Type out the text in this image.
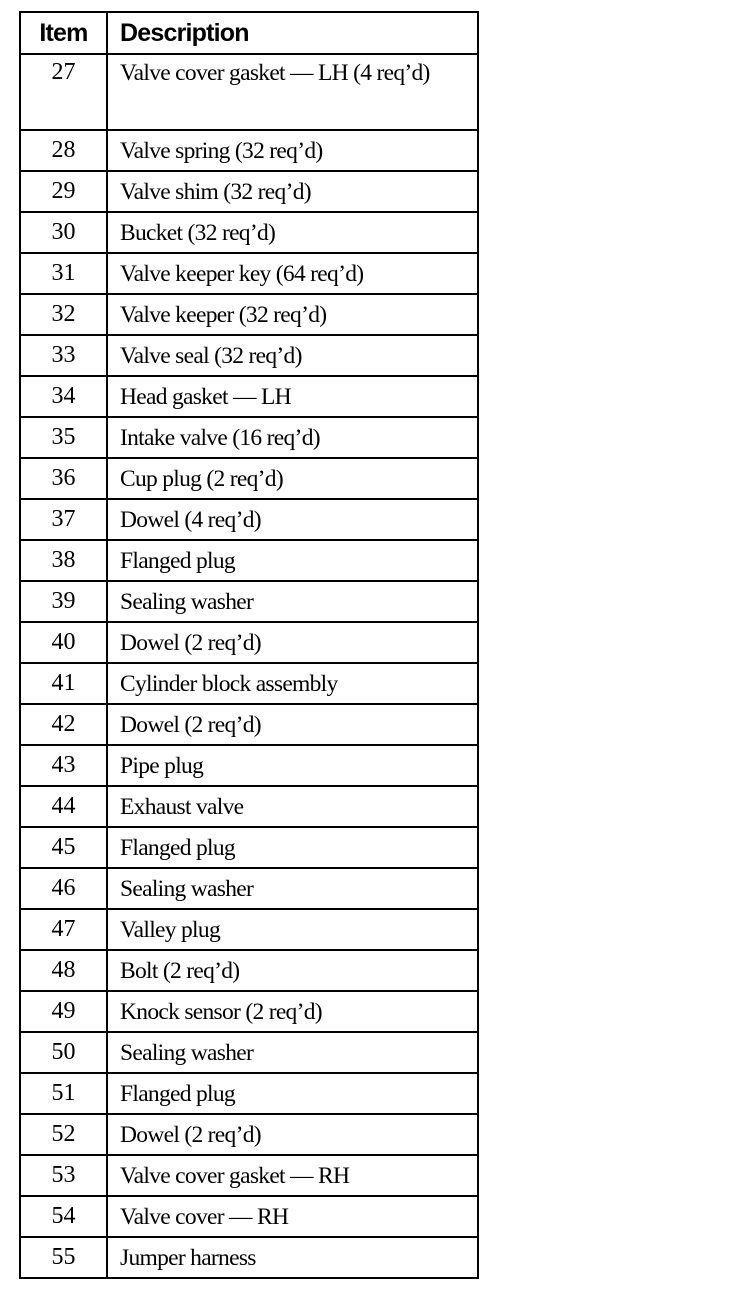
Item	Description
27	Valve cover gasket — LH (4 req’d)
28	Valve spring (32 req’d)
29	Valve shim (32 req’d)
30	Bucket (32 req’d)
31	Valve keeper key (64 req’d)
32	Valve keeper (32 req’d)
33	Valve seal (32 req’d)
34	Head gasket — LH
35	Intake valve (16 req’d)
36	Cup plug (2 req’d)
37	Dowel (4 req’d)
38	Flanged plug
39	Sealing washer
40	Dowel (2 req’d)
41	Cylinder block assembly
42	Dowel (2 req’d)
43	Pipe plug
44	Exhaust valve
45	Flanged plug
46	Sealing washer
47	Valley plug
48	Bolt (2 req’d)
49	Knock sensor (2 req’d)
50	Sealing washer
51	Flanged plug
52	Dowel (2 req’d)
53	Valve cover gasket — RH
54	Valve cover — RH
55	Jumper harness
